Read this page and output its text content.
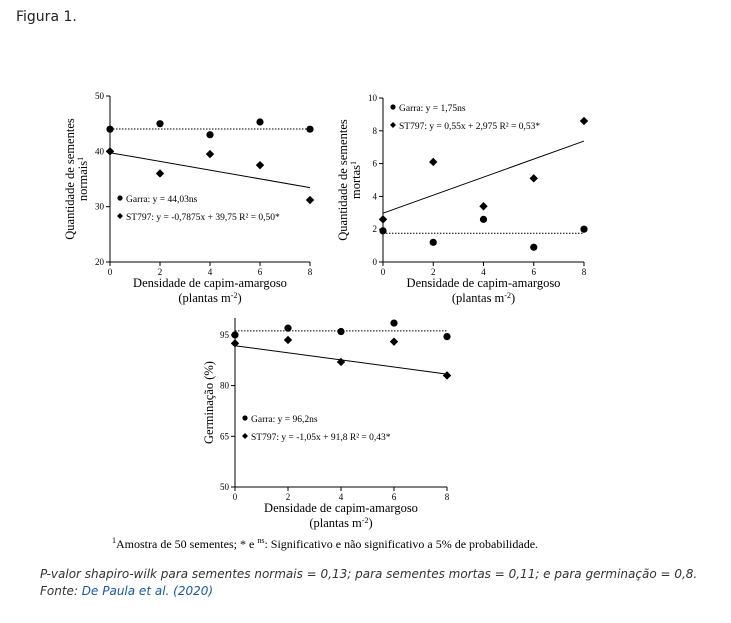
Figura 1.
20
30
40
50
0	2	4	6	8
Garra: y = 44,03ns
ST797: y = -0,7875x + 39,75 R² = 0,50*
Densidade de capim-amargoso
(plantas $m^{-2}$)
Quantidade de sementes normais$^1$
0
2
4
6
8
10
0	2	4	6	8
Garra: y = 1,75ns
ST797: y = 0,55x + 2,975 R² = 0,53*
Densidade de capim-amargoso
(plantas $m^{-2}$)
Quantidade de sementes mortas$^1$
50
65
80
95
0	2	4	6	8
Garra: y = 96,2ns
ST797: y = -1,05x + 91,8 R² = 0,43*
Densidade de capim-amargoso
(plantas $m^{-2}$)
Germinação (%)
$^1$Amostra de 50 sementes; * e $^{ns}$: Significativo e não significativo a 5% de probabilidade.
P-valor shapiro-wilk para sementes normais = 0,13; para sementes mortas = 0,11; e para germinação = 0,8.
Fonte: De Paula et al. (2020)
